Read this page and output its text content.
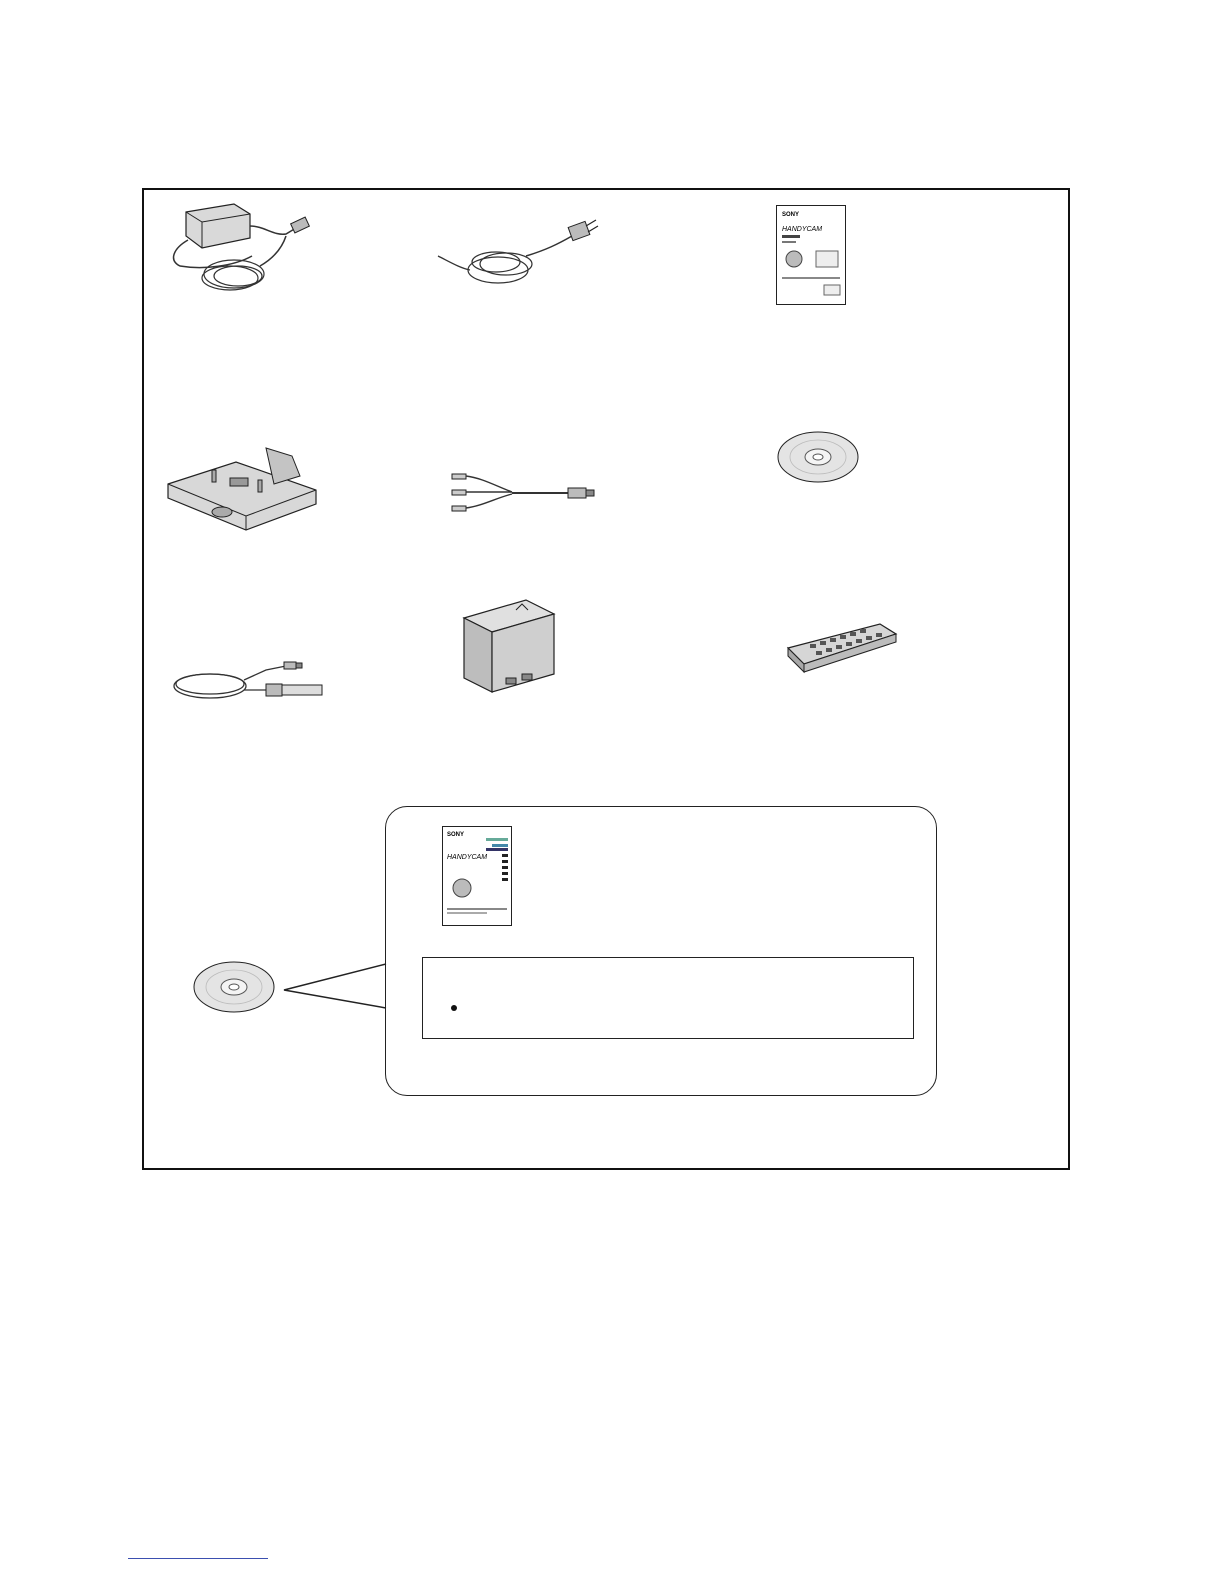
SONY
HANDYCAM
SONY
HANDYCAM
